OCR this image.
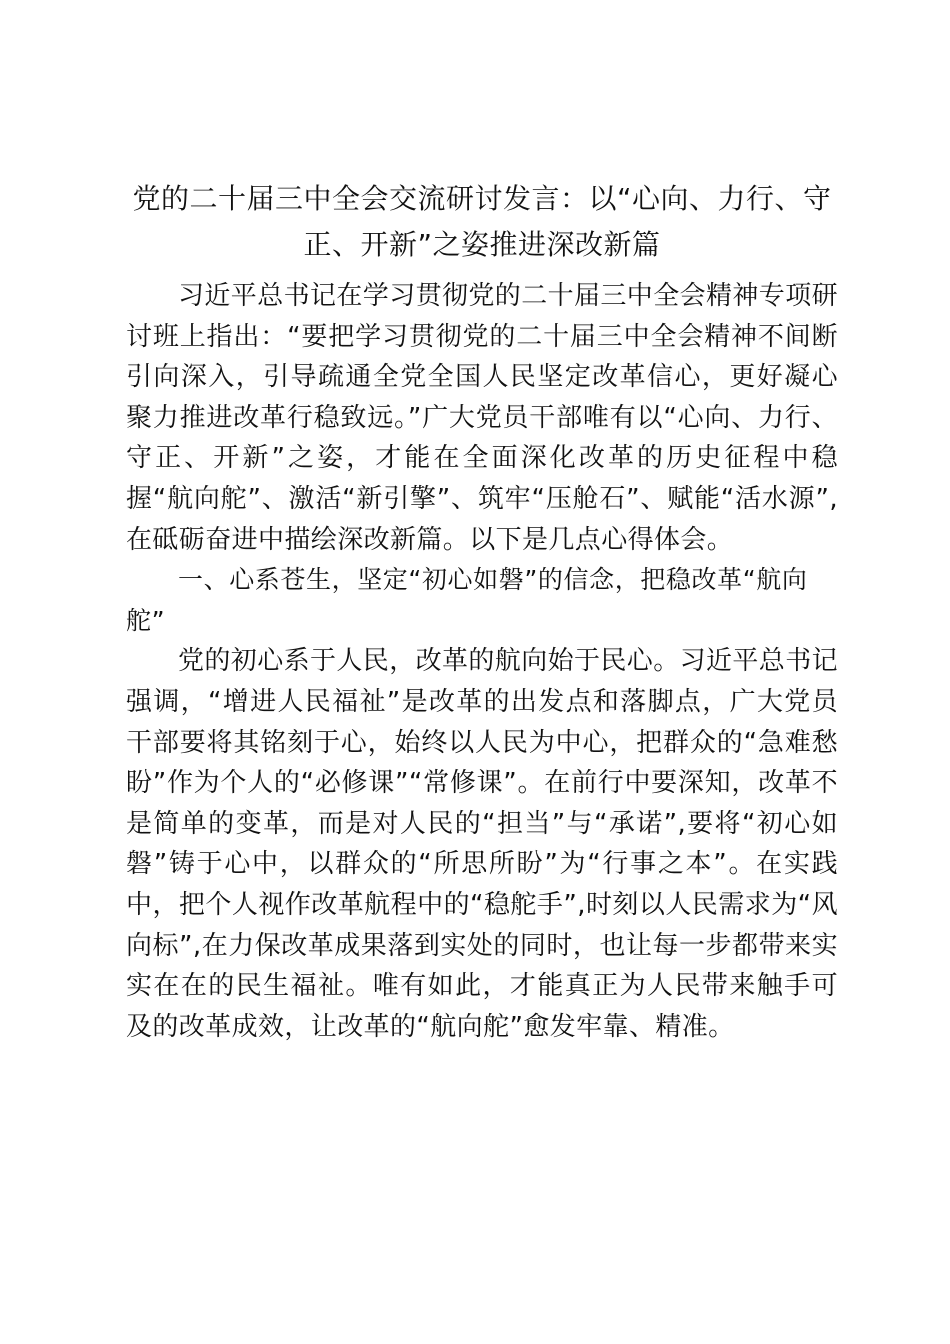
党的二十届三中全会交流研讨发言：以“心向、力行、守正、开新”之姿推进深改新篇

习近平总书记在学习贯彻党的二十届三中全会精神专项研讨班上指出：“要把学习贯彻党的二十届三中全会精神不间断引向深入，引导疏通全党全国人民坚定改革信心，更好凝心聚力推进改革行稳致远。”广大党员干部唯有以“心向、力行、守正、开新”之姿，才能在全面深化改革的历史征程中稳握“航向舵”、激活“新引擎”、筑牢“压舱石”、赋能“活水源”,在砥砺奋进中描绘深改新篇。以下是几点心得体会。

一、心系苍生，坚定“初心如磐”的信念，把稳改革“航向舵”

党的初心系于人民，改革的航向始于民心。习近平总书记强调，“增进人民福祉”是改革的出发点和落脚点，广大党员干部要将其铭刻于心，始终以人民为中心，把群众的“急难愁盼”作为个人的“必修课”“常修课”。在前行中要深知，改革不是简单的变革，而是对人民的“担当”与“承诺”,要将“初心如磐”铸于心中，以群众的“所思所盼”为“行事之本”。在实践中，把个人视作改革航程中的“稳舵手”,时刻以人民需求为“风向标”,在力保改革成果落到实处的同时，也让每一步都带来实实在在的民生福祉。唯有如此，才能真正为人民带来触手可及的改革成效，让改革的“航向舵”愈发牢靠、精准。
